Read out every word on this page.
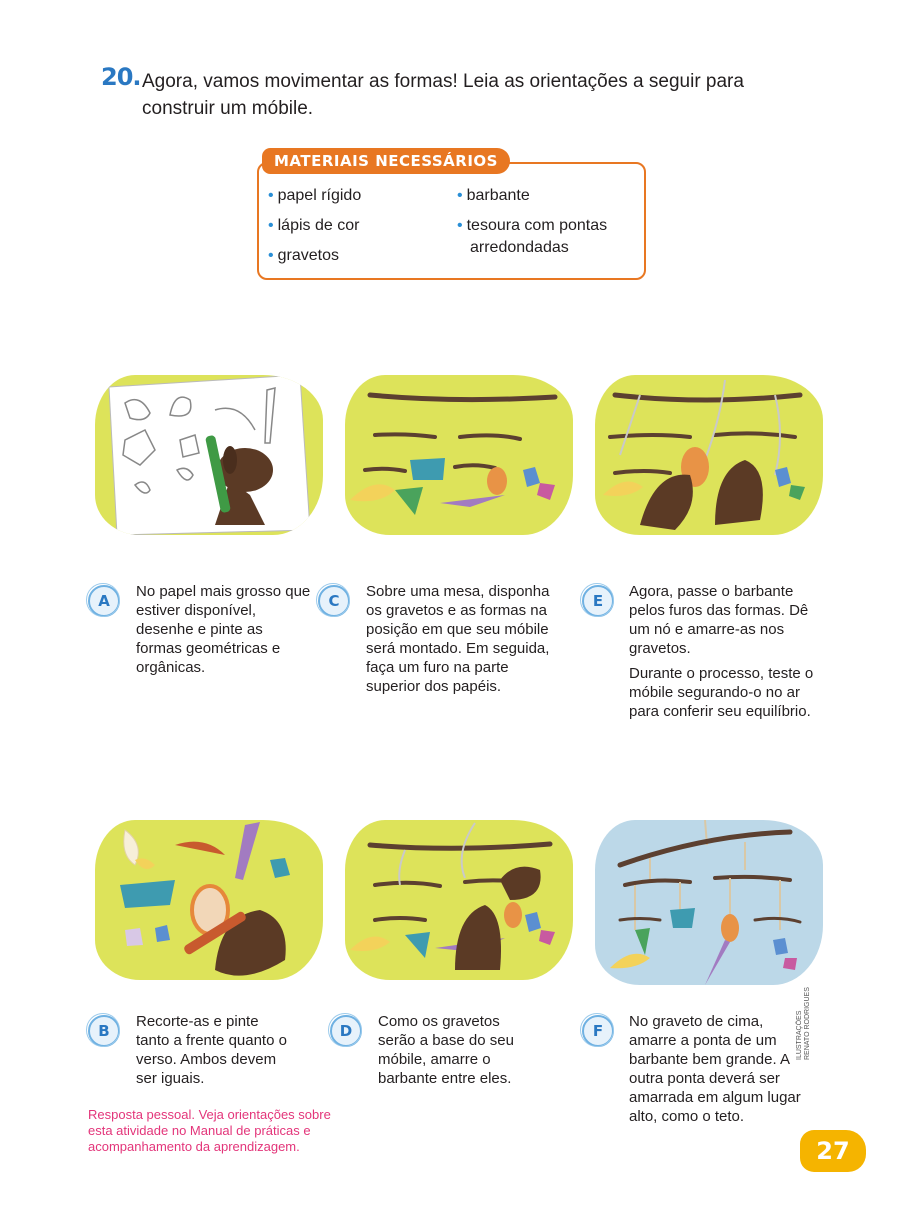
20. Agora, vamos movimentar as formas! Leia as orientações a seguir para construir um móbile.
MATERIAIS NECESSÁRIOS
• papel rígido
• lápis de cor
• gravetos
• barbante
• tesoura com pontas arredondadas
A
No papel mais grosso que estiver disponível, desenhe e pinte as formas geométricas e orgânicas.
C
Sobre uma mesa, disponha os gravetos e as formas na posição em que seu móbile será montado. Em seguida, faça um furo na parte superior dos papéis.
E
Agora, passe o barbante pelos furos das formas. Dê um nó e amarre-as nos gravetos.
Durante o processo, teste o móbile segurando-o no ar para conferir seu equilíbrio.
ILUSTRAÇÕES RENATO RODRIGUES
B
Recorte-as e pinte tanto a frente quanto o verso. Ambos devem ser iguais.
D
Como os gravetos serão a base do seu móbile, amarre o barbante entre eles.
F
No graveto de cima, amarre a ponta de um barbante bem grande. A outra ponta deverá ser amarrada em algum lugar alto, como o teto.
Resposta pessoal. Veja orientações sobre esta atividade no Manual de práticas e acompanhamento da aprendizagem.	27
